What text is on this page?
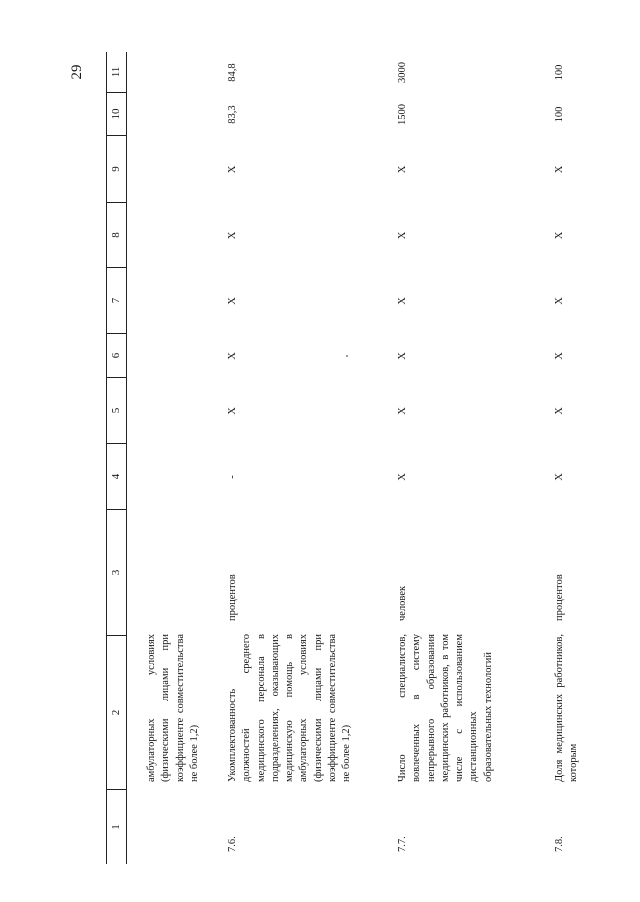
29
1
2
3
4
5
6
7
8
9
10
11
амбулаторных условиях (физическими лицами при коэффициенте совместительства не более 1,2)
7.6.
Укомплектованность должностей среднего медицинского персонала в подразделениях, оказывающих медицинскую помощь в амбулаторных условиях (физическими лицами при коэффициенте совместительства не более 1,2)
процентов
-
X
X
X
X
X
83,3
84,8
7.7.
Число специалистов, вовлеченных в систему непрерывного образования медицинских работников, в том числе с использованием дистанционных образовательных технологий
человек
X
X
X
X
X
X
1500
3000
7.8.
Доля медицинских работников, которым
процентов
X
X
X
X
X
X
100
100
